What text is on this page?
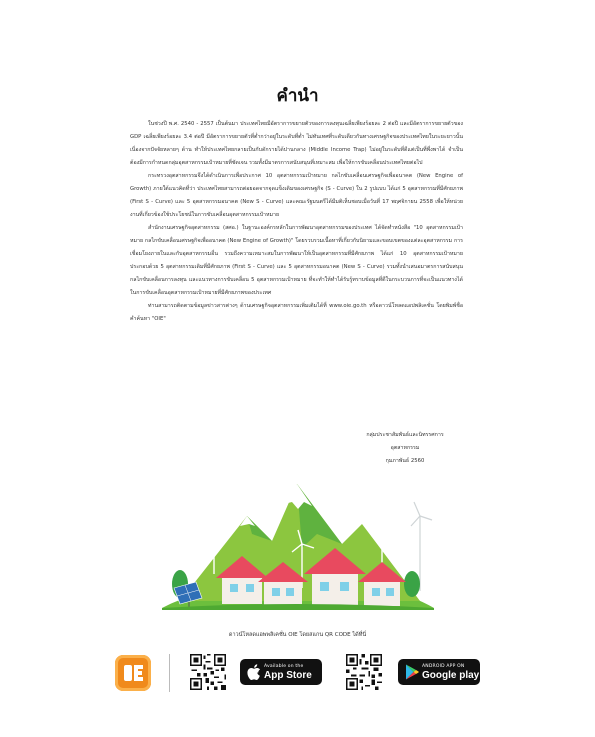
คำนำ

ในช่วงปี พ.ศ. 2540 - 2557 เป็นต้นมา ประเทศไทยมีอัตราการขยายตัวของการลงทุนเฉลี่ยเพียงร้อยละ 2 ต่อปี และมีอัตราการขยายตัวของ GDP เฉลี่ยเพียงร้อยละ 3.4 ต่อปี มีอัตราการขยายตัวที่ต่ำกว่าอยู่ในระดับที่ต่ำ ไม่ทันเทศที่ระดับเดียวกันทางเศรษฐกิจของประเทศไทยในระยะยาวนั้นเนื่องจากปัจจัยหลายๆ ด้าน ทำให้ประเทศไทยกลายเป็นกับดักรายได้ปานกลาง (Middle Income Trap) ไม่อยู่ในระดับที่ดีแต่เป็นที่พึ่งพาได้ จำเป็นต้องมีการกำหนดกลุ่มอุตสาหกรรมเป้าหมายที่ชัดเจน รวมทั้งมีมาตรการสนับสนุนที่เหมาะสม เพื่อให้การขับเคลื่อนประเทศไทยต่อไป

กระทรวงอุตสาหกรรมจึงได้ดำเนินการเพื่อประกาศ 10 อุตสาหกรรมเป้าหมาย กลไกขับเคลื่อนเศรษฐกิจเพื่ออนาคต (New Engine of Growth) ภายใต้แนวคิดที่ว่า ประเทศไทยสามารถต่อยอดจากจุดแข็งเดิมของเศรษฐกิจ (S - Curve) ใน 2 รูปแบบ ได้แก่ 5 อุตสาหกรรมที่มีศักยภาพ (First S - Curve) และ 5 อุตสาหกรรมอนาคต (New S - Curve) และคณะรัฐมนตรีได้มีมติเห็นชอบเมื่อวันที่ 17 พฤศจิกายน 2558 เพื่อให้หน่วยงานที่เกี่ยวข้องใช้ประโยชน์ในการขับเคลื่อนอุตสาหกรรมเป้าหมาย

สำนักงานเศรษฐกิจอุตสาหกรรม (สศอ.) ในฐานะองค์กรหลักในการพัฒนาอุตสาหกรรมของประเทศ ได้จัดทำหนังสือ "10 อุตสาหกรรมเป้าหมาย กลไกขับเคลื่อนเศรษฐกิจเพื่ออนาคต (New Engine of Growth)" โดยรวบรวมเนื้อหาที่เกี่ยวกับนิยามและขอบเขตของแต่ละอุตสาหกรรม การเชื่อมโยงภายในและกับอุตสาหกรรมอื่น รวมถึงความเหมาะสมในการพัฒนาให้เป็นอุตสาหกรรมที่มีศักยภาพ ได้แก่ 10 อุตสาหกรรมเป้าหมาย ประกอบด้วย 5 อุตสาหกรรมเดิมที่มีศักยภาพ (First S - Curve) และ 5 อุตสาหกรรมอนาคต (New S - Curve) รวมทั้งนำเสนอมาตรการสนับสนุน กลไกขับเคลื่อนการลงทุน และแนวทางการขับเคลื่อน 5 อุตสาหกรรมเป้าหมาย ที่จะทำให้ทำได้รับรู้ทราบข้อมูลที่ดีในกระบวนการที่จะเป็นแนวทางได้ในการขับเคลื่อนอุตสาหกรรมเป้าหมายที่มีศักยภาพของประเทศ

ท่านสามารถติดตามข้อมูลข่าวสารต่างๆ ด้านเศรษฐกิจอุตสาหกรรมเพิ่มเติมได้ที่ www.oie.go.th หรือดาวน์โหลดแอปพลิเคชั่น โดยพิมพ์ชื่อคำค้นหา "OIE"

กลุ่มประชาสัมพันธ์และนิทรรศการอุตสาหกรรม
กุมภาพันธ์ 2560
ดาวน์โหลดแอพพลิเคชั่น OIE โดยสแกน QR CODE ได้ที่นี่
Available on the
App Store
ANDROID APP ON
Google play
